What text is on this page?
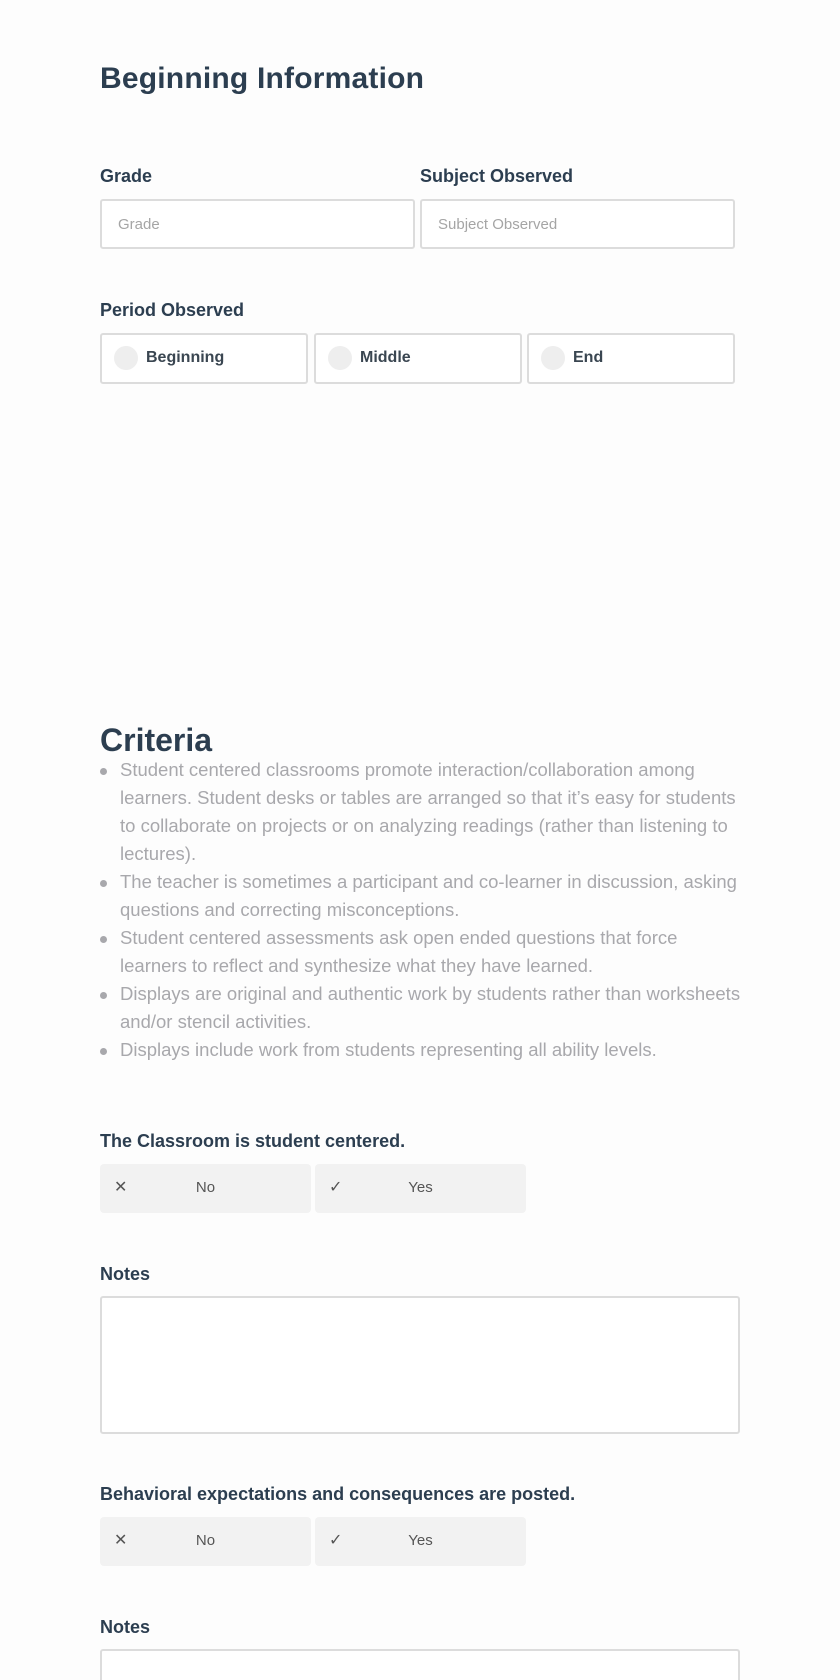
Beginning Information
Grade
Grade	Subject Observed
Subject Observed
Period Observed
Beginning	Middle	End
Criteria
Student centered classrooms promote interaction/collaboration among learners. Student desks or tables are arranged so that it’s easy for students to collaborate on projects or on analyzing readings (rather than listening to lectures).
The teacher is sometimes a participant and co-learner in discussion, asking questions and correcting misconceptions.
Student centered assessments ask open ended questions that force learners to reflect and synthesize what they have learned.
Displays are original and authentic work by students rather than worksheets and/or stencil activities.
Displays include work from students representing all ability levels.
The Classroom is student centered.
✕	No	✓	Yes
Notes
Behavioral expectations and consequences are posted.
✕	No	✓	Yes
Notes
